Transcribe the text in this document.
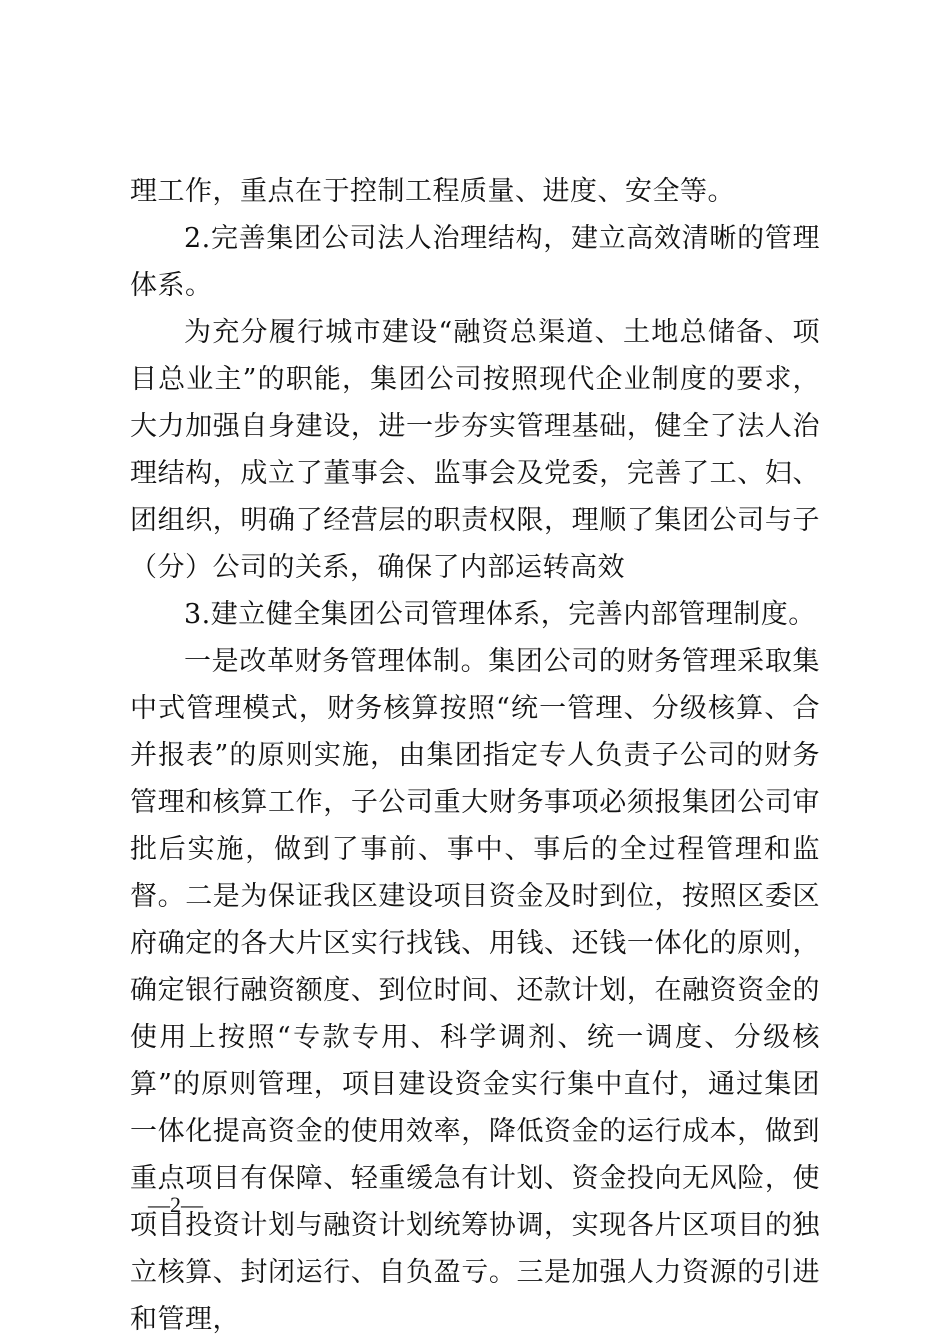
理工作，重点在于控制工程质量、进度、安全等。

2.完善集团公司法人治理结构，建立高效清晰的管理体系。

为充分履行城市建设“融资总渠道、土地总储备、项目总业主”的职能，集团公司按照现代企业制度的要求，大力加强自身建设，进一步夯实管理基础，健全了法人治理结构，成立了董事会、监事会及党委，完善了工、妇、团组织，明确了经营层的职责权限，理顺了集团公司与子（分）公司的关系，确保了内部运转高效

3.建立健全集团公司管理体系，完善内部管理制度。

一是改革财务管理体制。集团公司的财务管理采取集中式管理模式，财务核算按照“统一管理、分级核算、合并报表”的原则实施，由集团指定专人负责子公司的财务管理和核算工作，子公司重大财务事项必须报集团公司审批后实施，做到了事前、事中、事后的全过程管理和监督。二是为保证我区建设项目资金及时到位，按照区委区府确定的各大片区实行找钱、用钱、还钱一体化的原则，确定银行融资额度、到位时间、还款计划，在融资资金的使用上按照“专款专用、科学调剂、统一调度、分级核算”的原则管理，项目建设资金实行集中直付，通过集团一体化提高资金的使用效率，降低资金的运行成本，做到重点项目有保障、轻重缓急有计划、资金投向无风险，使项目投资计划与融资计划统筹协调，实现各片区项目的独立核算、封闭运行、自负盈亏。三是加强人力资源的引进和管理，

—2—
